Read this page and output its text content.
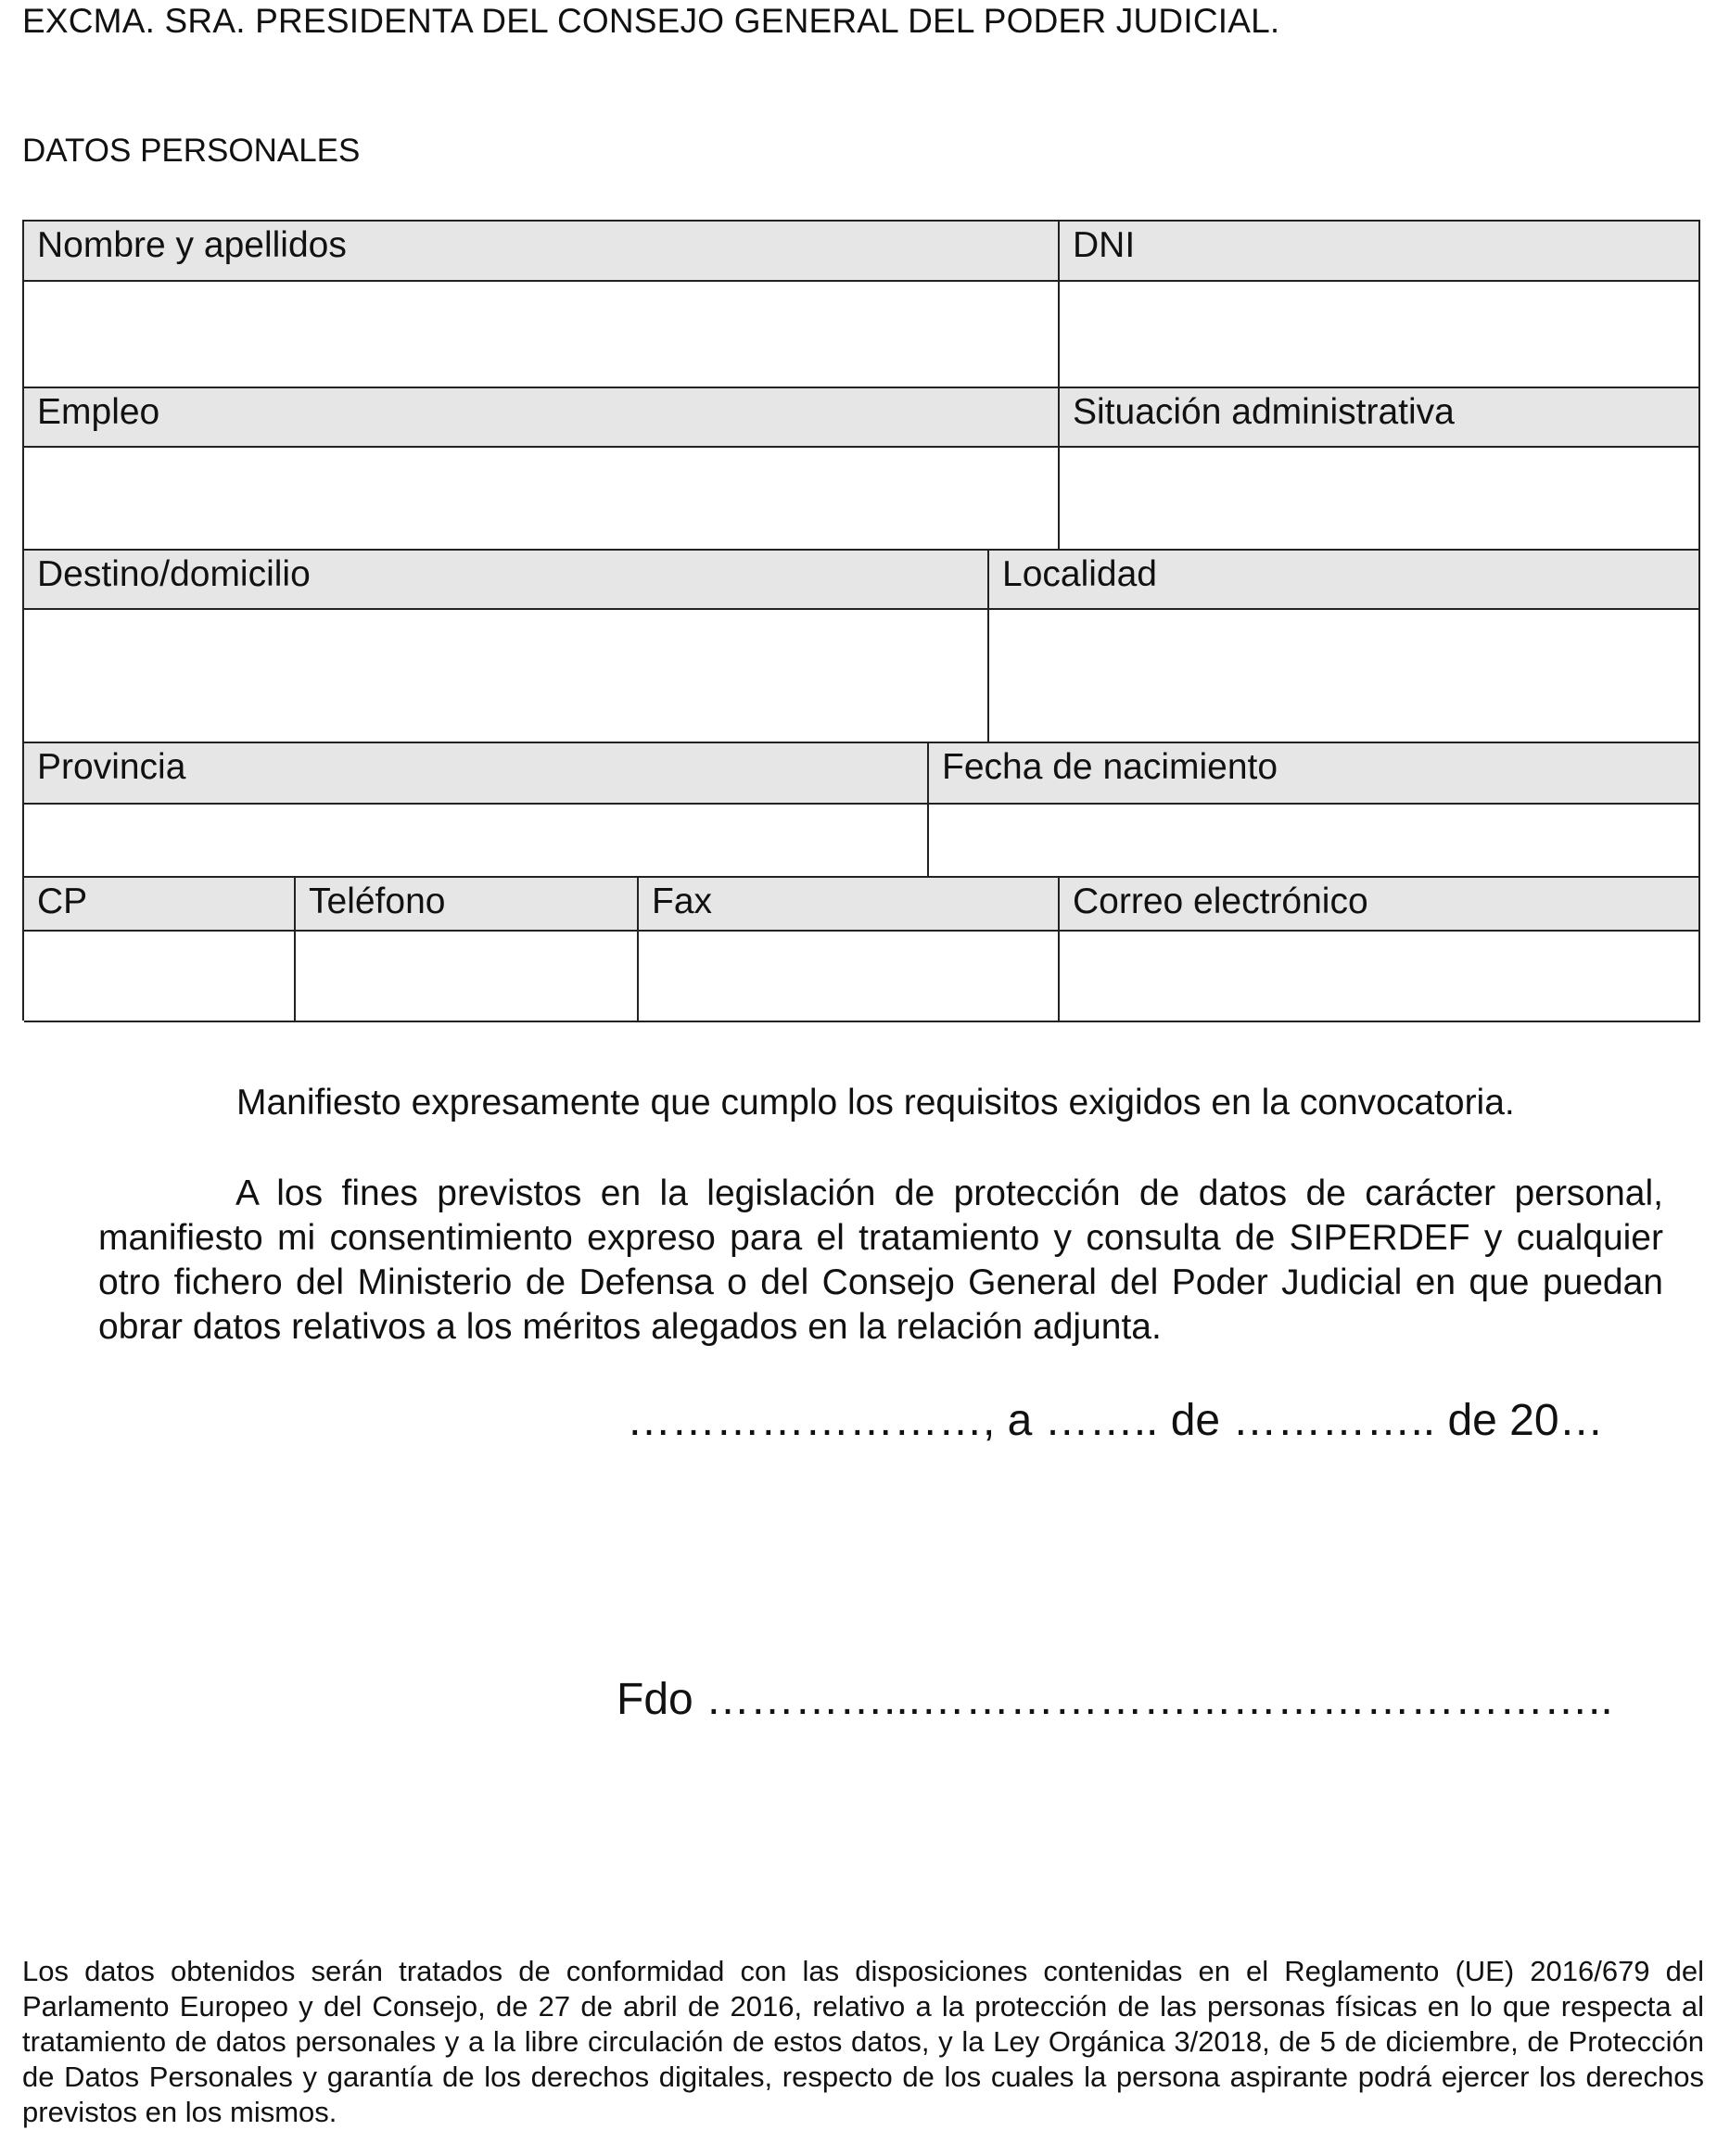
EXCMA. SRA. PRESIDENTA DEL CONSEJO GENERAL DEL PODER JUDICIAL.
DATOS PERSONALES
Nombre y apellidos	DNI
Empleo	Situación administrativa
Destino/domicilio	Localidad
Provincia	Fecha de nacimiento
CP	Teléfono	Fax	Correo electrónico
Manifiesto expresamente que cumplo los requisitos exigidos en la convocatoria.
A los fines previstos en la legislación de protección de datos de carácter personal, manifiesto mi consentimiento expreso para el tratamiento y consulta de SIPERDEF y cualquier otro fichero del Ministerio de Defensa o del Consejo General del Poder Judicial en que puedan obrar datos relativos a los méritos alegados en la relación adjunta.
……………………, a …….. de ………….. de 20…
Fdo …………...………………………………………..
Los datos obtenidos serán tratados de conformidad con las disposiciones contenidas en el Reglamento (UE) 2016/679 del Parlamento Europeo y del Consejo, de 27 de abril de 2016, relativo a la protección de las personas físicas en lo que respecta al tratamiento de datos personales y a la libre circulación de estos datos, y la Ley Orgánica 3/2018, de 5 de diciembre, de Protección de Datos Personales y garantía de los derechos digitales, respecto de los cuales la persona aspirante podrá ejercer los derechos previstos en los mismos.
